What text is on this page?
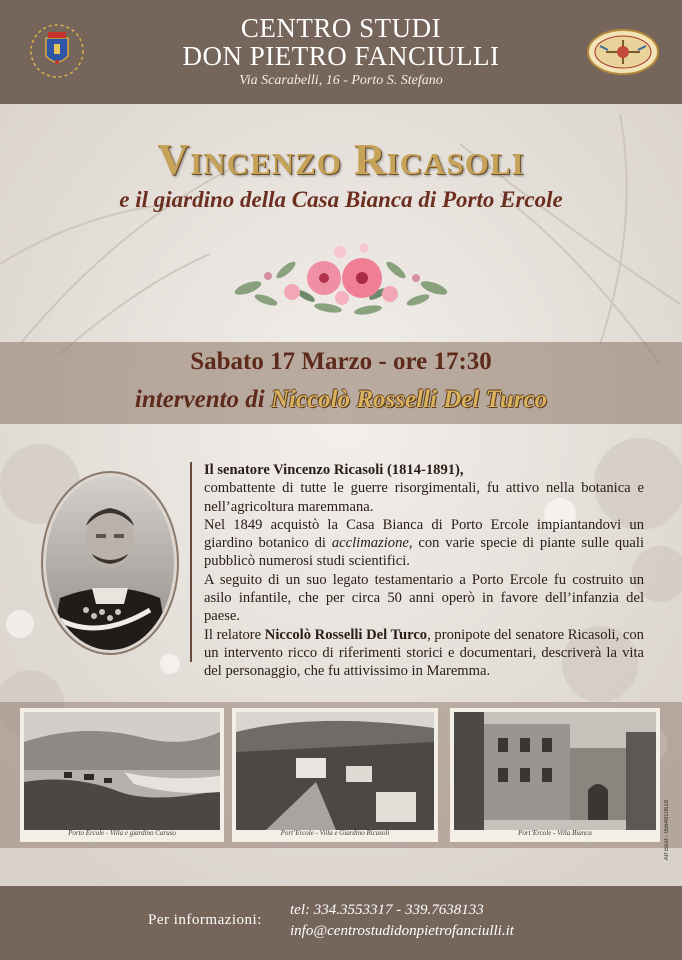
CENTRO STUDI
DON PIETRO FANCIULLI
Via Scarabelli, 16 - Porto S. Stefano
Vincenzo Ricasoli
e il giardino della Casa Bianca di Porto Ercole
Sabato 17 Marzo - ore 17:30
intervento di Niccolò Rosselli Del Turco

Il senatore Vincenzo Ricasoli (1814-1891),
combattente di tutte le guerre risorgimentali, fu attivo nella botanica e nell’agricoltura maremmana.

Nel 1849 acquistò la Casa Bianca di Porto Ercole impiantandovi un giardino botanico di acclimazione, con varie specie di piante sulle quali pubblicò numerosi studi scientifici.

A seguito di un suo legato testamentario a Porto Ercole fu costruito un asilo infantile, che per circa 50 anni operò in favore dell’infanzia del paese.

Il relatore Niccolò Rosselli Del Turco, pronipote del senatore Ricasoli, con un intervento ricco di riferimenti storici e documentari, descriverà la vita del personaggio, che fu attivissimo in Maremma.

Porto Ercole - Villa e giardino Caruso	Port’Ercole - Villa e Giardino Ricasoli	Port’Ercole - Villa Bianca	Art Beat - 0564810618
Per informazioni:
tel: 334.3553317 - 339.7638133
info@centrostudidonpietrofanciulli.it
